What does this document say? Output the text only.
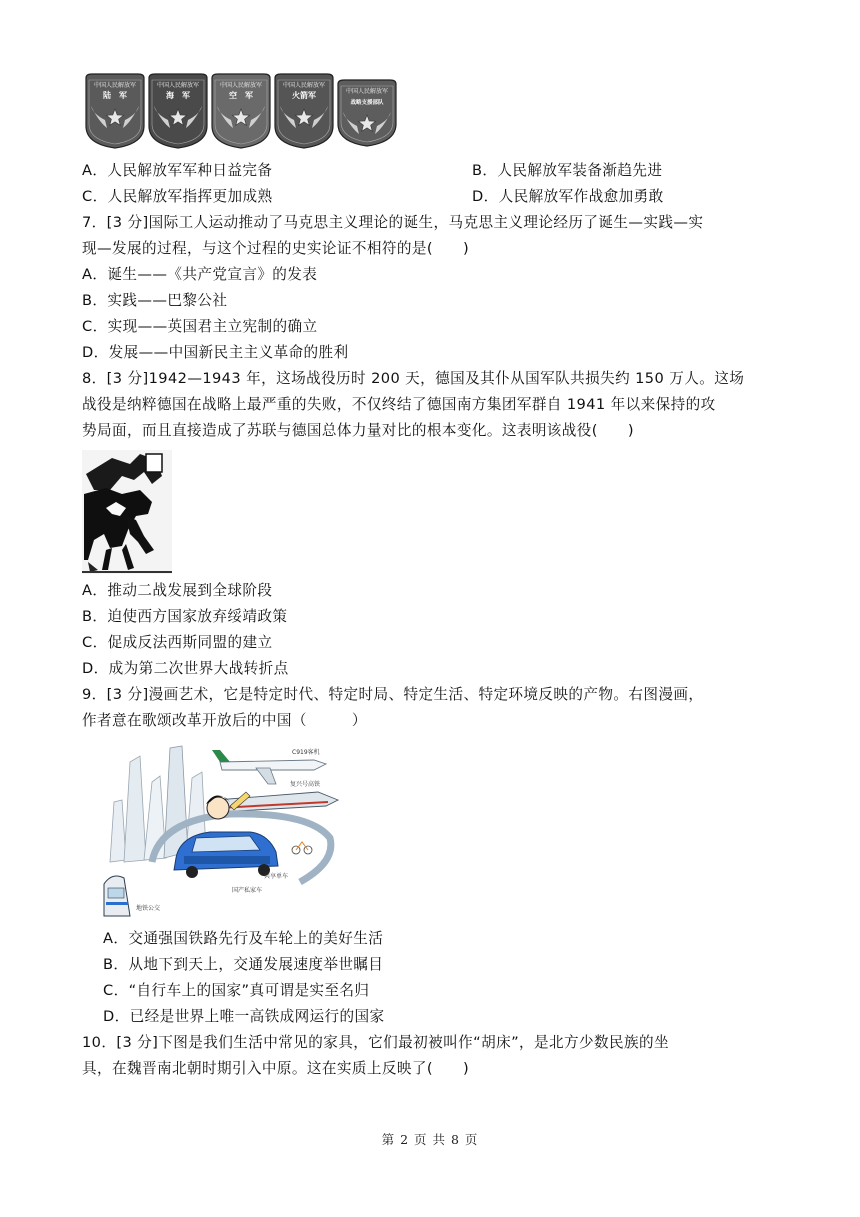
中国人民解放军
陆　军
中国人民解放军
海　军
中国人民解放军
空　军
中国人民解放军
火箭军	中国人民解放军
战略支援部队
A．人民解放军军种日益完备	B．人民解放军装备渐趋先进
C．人民解放军指挥更加成熟	D．人民解放军作战愈加勇敢
7．[3 分]国际工人运动推动了马克思主义理论的诞生，马克思主义理论经历了诞生—实践—实
现—发展的过程，与这个过程的史实论证不相符的是(　　)
A．诞生——《共产党宣言》的发表
B．实践——巴黎公社
C．实现——英国君主立宪制的确立
D．发展——中国新民主主义革命的胜利
8．[3 分]1942—1943 年，这场战役历时 200 天，德国及其仆从国军队共损失约 150 万人。这场
战役是纳粹德国在战略上最严重的失败，不仅终结了德国南方集团军群自 1941 年以来保持的攻
势局面，而且直接造成了苏联与德国总体力量对比的根本变化。这表明该战役(　　)
A．推动二战发展到全球阶段
B．迫使西方国家放弃绥靖政策
C．促成反法西斯同盟的建立
D．成为第二次世界大战转折点
9．[3 分]漫画艺术，它是特定时代、特定时局、特定生活、特定环境反映的产物。右图漫画，
作者意在歌颂改革开放后的中国（　　　）
C919客机
复兴号高铁
国产私家车
共享单车
地铁公交
A．交通强国铁路先行及车轮上的美好生活
B．从地下到天上，交通发展速度举世瞩目
C．“自行车上的国家”真可谓是实至名归
D．已经是世界上唯一高铁成网运行的国家
10．[3 分]下图是我们生活中常见的家具，它们最初被叫作“胡床”，是北方少数民族的坐
具，在魏晋南北朝时期引入中原。这在实质上反映了(　　)
第 2 页 共 8 页
